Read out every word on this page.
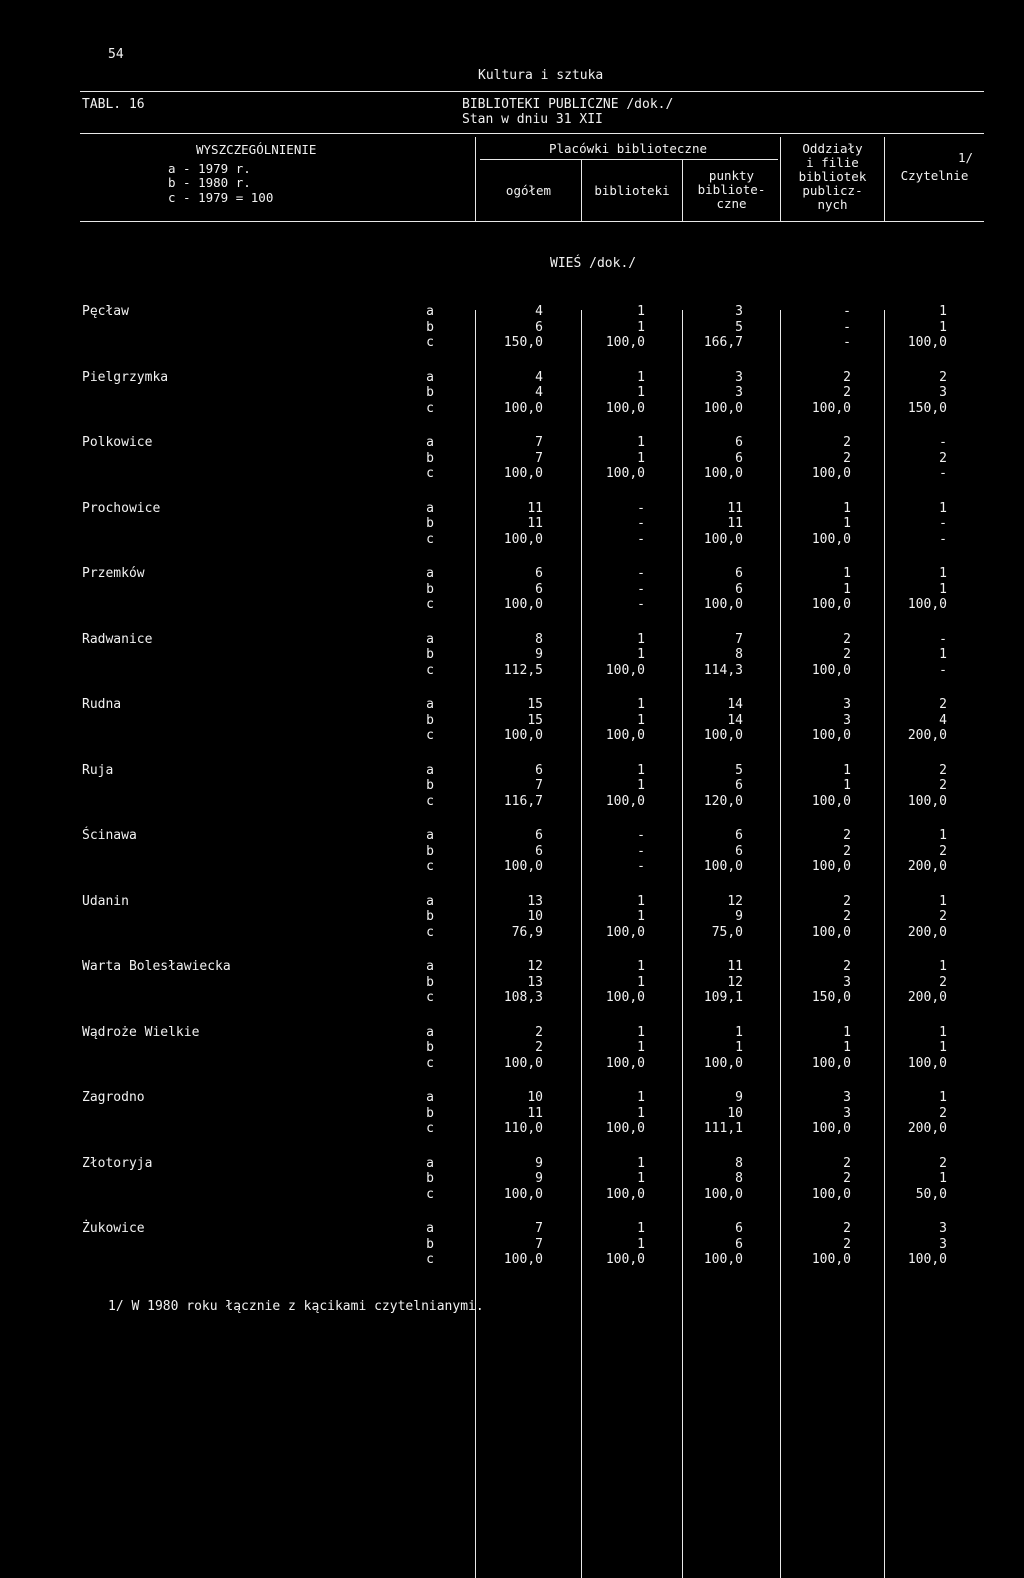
54
Kultura i sztuka
TABL. 16	BIBLIOTEKI PUBLICZNE /dok./
Stan w dniu 31 XII
WYSZCZEGÓLNIENIE
a - 1979 r.
b - 1980 r.
c - 1979 = 100
Placówki biblioteczne
ogółem	biblioteki
punkty
bibliote-
czne
Oddziały
i filie
bibliotek
publicz-
nych
1/
Czytelnie
WIEŚ /dok./
Pęcław	a	4	1	3	-	1
b	6	1	5	-	1
c	150,0	100,0	166,7	-	100,0
Pielgrzymka	a	4	1	3	2	2
b	4	1	3	2	3
c	100,0	100,0	100,0	100,0	150,0
Polkowice	a	7	1	6	2	-
b	7	1	6	2	2
c	100,0	100,0	100,0	100,0	-
Prochowice	a	11	-	11	1	1
b	11	-	11	1	-
c	100,0	-	100,0	100,0	-
Przemków	a	6	-	6	1	1
b	6	-	6	1	1
c	100,0	-	100,0	100,0	100,0
Radwanice	a	8	1	7	2	-
b	9	1	8	2	1
c	112,5	100,0	114,3	100,0	-
Rudna	a	15	1	14	3	2
b	15	1	14	3	4
c	100,0	100,0	100,0	100,0	200,0
Ruja	a	6	1	5	1	2
b	7	1	6	1	2
c	116,7	100,0	120,0	100,0	100,0
Ścinawa	a	6	-	6	2	1
b	6	-	6	2	2
c	100,0	-	100,0	100,0	200,0
Udanin	a	13	1	12	2	1
b	10	1	9	2	2
c	76,9	100,0	75,0	100,0	200,0
Warta Bolesławiecka	a	12	1	11	2	1
b	13	1	12	3	2
c	108,3	100,0	109,1	150,0	200,0
Wądroże Wielkie	a	2	1	1	1	1
b	2	1	1	1	1
c	100,0	100,0	100,0	100,0	100,0
Zagrodno	a	10	1	9	3	1
b	11	1	10	3	2
c	110,0	100,0	111,1	100,0	200,0
Złotoryja	a	9	1	8	2	2
b	9	1	8	2	1
c	100,0	100,0	100,0	100,0	50,0
Żukowice	a	7	1	6	2	3
b	7	1	6	2	3
c	100,0	100,0	100,0	100,0	100,0
1/ W 1980 roku łącznie z kącikami czytelnianymi.
